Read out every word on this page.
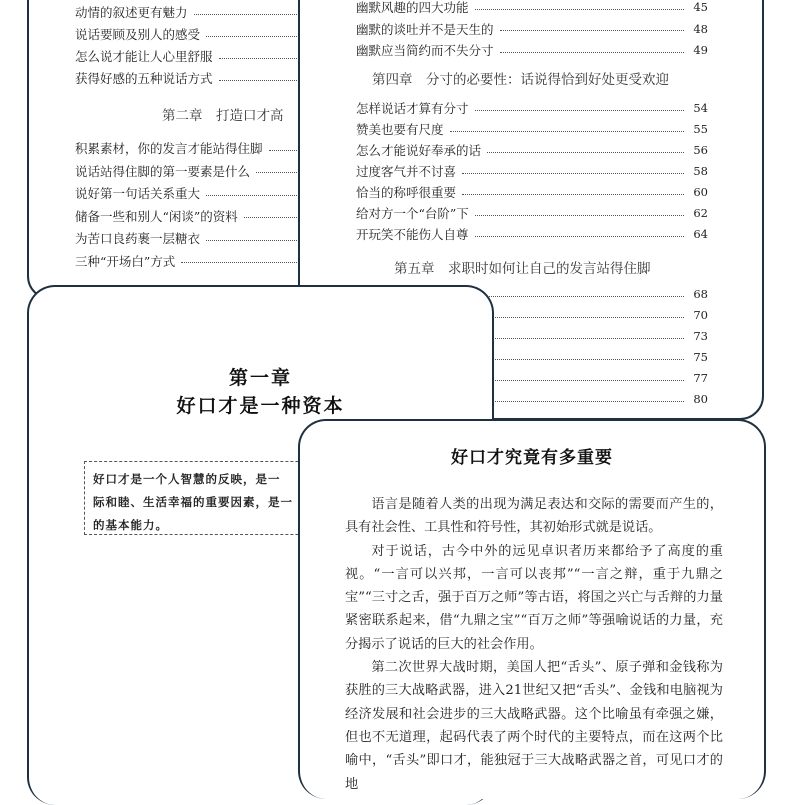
动情的叙述更有魅力
说话要顾及别人的感受
怎么说才能让人心里舒服
获得好感的五种说话方式
第二章　打造口才高
积累素材，你的发言才能站得住脚
说话站得住脚的第一要素是什么
说好第一句话关系重大
储备一些和别人“闲谈”的资料
为苦口良药裹一层糖衣
三种“开场白”方式
幽默风趣的四大功能	45
幽默的谈吐并不是天生的	48
幽默应当简约而不失分寸	49
第四章　分寸的必要性：话说得恰到好处更受欢迎
怎样说话才算有分寸	54
赞美也要有尺度	55
怎么才能说好奉承的话	56
过度客气并不讨喜	58
恰当的称呼很重要	60
给对方一个“台阶”下	62
开玩笑不能伤人自尊	64
第五章　求职时如何让自己的发言站得住脚
68
70
73
75
77
80
第一章
好口才是一种资本

好口才是一个人智慧的反映，是一
际和睦、生活幸福的重要因素，是一
的基本能力。

好口才究竟有多重要

语言是随着人类的出现为满足表达和交际的需要而产生的，具有社会性、工具性和符号性，其初始形式就是说话。

对于说话，古今中外的远见卓识者历来都给予了高度的重视。“一言可以兴邦，一言可以丧邦”“一言之辩，重于九鼎之宝”“三寸之舌，强于百万之师”等古语，将国之兴亡与舌辩的力量紧密联系起来，借“九鼎之宝”“百万之师”等强喻说话的力量，充分揭示了说话的巨大的社会作用。

第二次世界大战时期，美国人把“舌头”、原子弹和金钱称为获胜的三大战略武器，进入21世纪又把“舌头”、金钱和电脑视为经济发展和社会进步的三大战略武器。这个比喻虽有牵强之嫌，但也不无道理，起码代表了两个时代的主要特点，而在这两个比喻中，“舌头”即口才，能独冠于三大战略武器之首，可见口才的地
